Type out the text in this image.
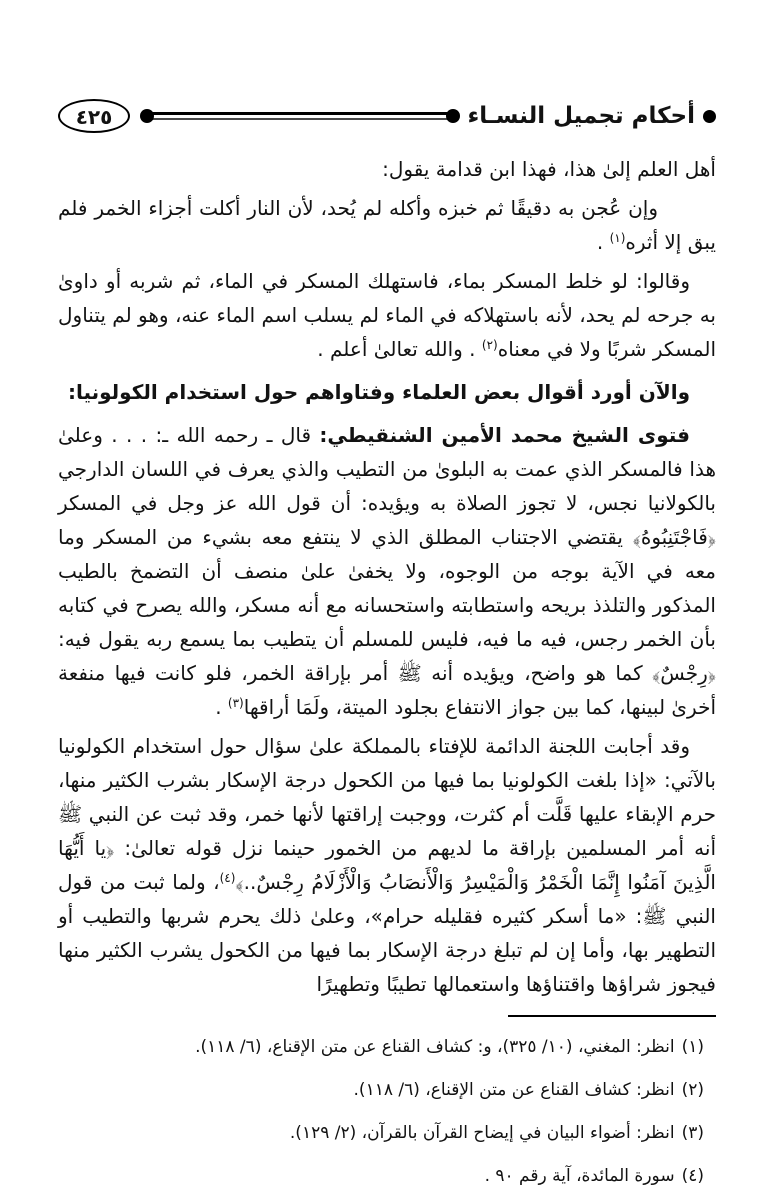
أحكام تجميل النسـاء
٤٢٥

أهل العلم إلىٰ هذا، فهذا ابن قدامة يقول:

وإن عُجن به دقيقًا ثم خبزه وأكله لم يُحد، لأن النار أكلت أجزاء الخمر فلم يبق إلا أثره$^{(١)}$ .

وقالوا: لو خلط المسكر بماء، فاستهلك المسكر في الماء، ثم شربه أو داوىٰ به جرحه لم يحد، لأنه باستهلاكه في الماء لم يسلب اسم الماء عنه، وهو لم يتناول المسكر شربًا ولا في معناه$^{(٢)}$ . والله تعالىٰ أعلم .

والآن أورد أقوال بعض العلماء وفتاواهم حول استخدام الكولونيا:

فتوى الشيخ محمد الأمين الشنقيطي: قال ـ رحمه الله ـ: . . . وعلىٰ هذا فالمسكر الذي عمت به البلوىٰ من التطيب والذي يعرف في اللسان الدارجي بالكولانيا نجس، لا تجوز الصلاة به ويؤيده: أن قول الله عز وجل في المسكر ﴿فَاجْتَنِبُوهُ﴾ يقتضي الاجتناب المطلق الذي لا ينتفع معه بشيء من المسكر وما معه في الآية بوجه من الوجوه، ولا يخفىٰ علىٰ منصف أن التضمخ بالطيب المذكور والتلذذ بريحه واستطابته واستحسانه مع أنه مسكر، والله يصرح في كتابه بأن الخمر رجس، فيه ما فيه، فليس للمسلم أن يتطيب بما يسمع ربه يقول فيه: ﴿رِجْسٌ﴾ كما هو واضح، ويؤيده أنه ﷺ أمر بإراقة الخمر، فلو كانت فيها منفعة أخرىٰ لبينها، كما بين جواز الانتفاع بجلود الميتة، ولَمَا أراقها$^{(٣)}$ .

وقد أجابت اللجنة الدائمة للإفتاء بالمملكة علىٰ سؤال حول استخدام الكولونيا بالآتي: «إذا بلغت الكولونيا بما فيها من الكحول درجة الإسكار بشرب الكثير منها، حرم الإبقاء عليها قَلَّت أم كثرت، ووجبت إراقتها لأنها خمر، وقد ثبت عن النبي ﷺ أنه أمر المسلمين بإراقة ما لديهم من الخمور حينما نزل قوله تعالىٰ: ﴿يا أَيُّهَا الَّذِينَ آمَنُوا إِنَّمَا الْخَمْرُ وَالْمَيْسِرُ وَالْأَنصَابُ وَالْأَزْلَامُ رِجْسٌ..﴾$^{(٤)}$، ولما ثبت من قول النبي ﷺ: «ما أسكر كثيره فقليله حرام»، وعلىٰ ذلك يحرم شربها والتطيب أو التطهير بها، وأما إن لم تبلغ درجة الإسكار بما فيها من الكحول يشرب الكثير منها فيجوز شراؤها واقتناؤها واستعمالها تطيبًا وتطهيرًا

(١)انظر: المغني، (١٠/ ٣٢٥)، و: كشاف القناع عن متن الإقناع، (٦/ ١١٨).
(٢)انظر: كشاف القناع عن متن الإقناع، (٦/ ١١٨).
(٣)انظر: أضواء البيان في إيضاح القرآن بالقرآن، (٢/ ١٢٩).
(٤)سورة المائدة، آية رقم ٩٠ .
